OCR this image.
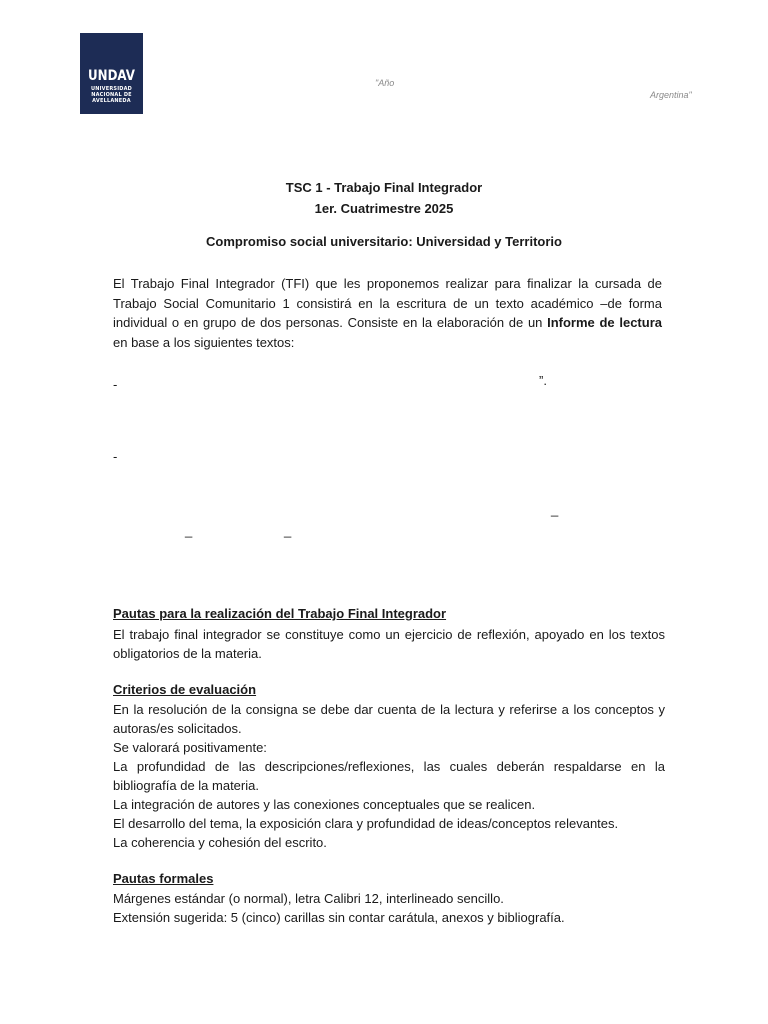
UNDAV
UNIVERSIDAD
NACIONAL DE
AVELLANEDA
"Año
Argentina"

TSC 1 - Trabajo Final Integrador

1er. Cuatrimestre 2025

Compromiso social universitario: Universidad y Territorio

El Trabajo Final Integrador (TFI) que les proponemos realizar para finalizar la cursada de Trabajo Social Comunitario 1 consistirá en la escritura de un texto académico –de forma individual o en grupo de dos personas. Consiste en la elaboración de un Informe de lectura en base a los siguientes textos:

-	”.
-
_
_	_

Pautas para la realización del Trabajo Final Integrador

El trabajo final integrador se constituye como un ejercicio de reflexión, apoyado en los textos obligatorios de la materia.

Criterios de evaluación

En la resolución de la consigna se debe dar cuenta de la lectura y referirse a los conceptos y autoras/es solicitados.

Se valorará positivamente:

La profundidad de las descripciones/reflexiones, las cuales deberán respaldarse en la bibliografía de la materia.

La integración de autores y las conexiones conceptuales que se realicen.

El desarrollo del tema, la exposición clara y profundidad de ideas/conceptos relevantes.

La coherencia y cohesión del escrito.

Pautas formales

Márgenes estándar (o normal), letra Calibri 12, interlineado sencillo.

Extensión sugerida: 5 (cinco) carillas sin contar carátula, anexos y bibliografía.
